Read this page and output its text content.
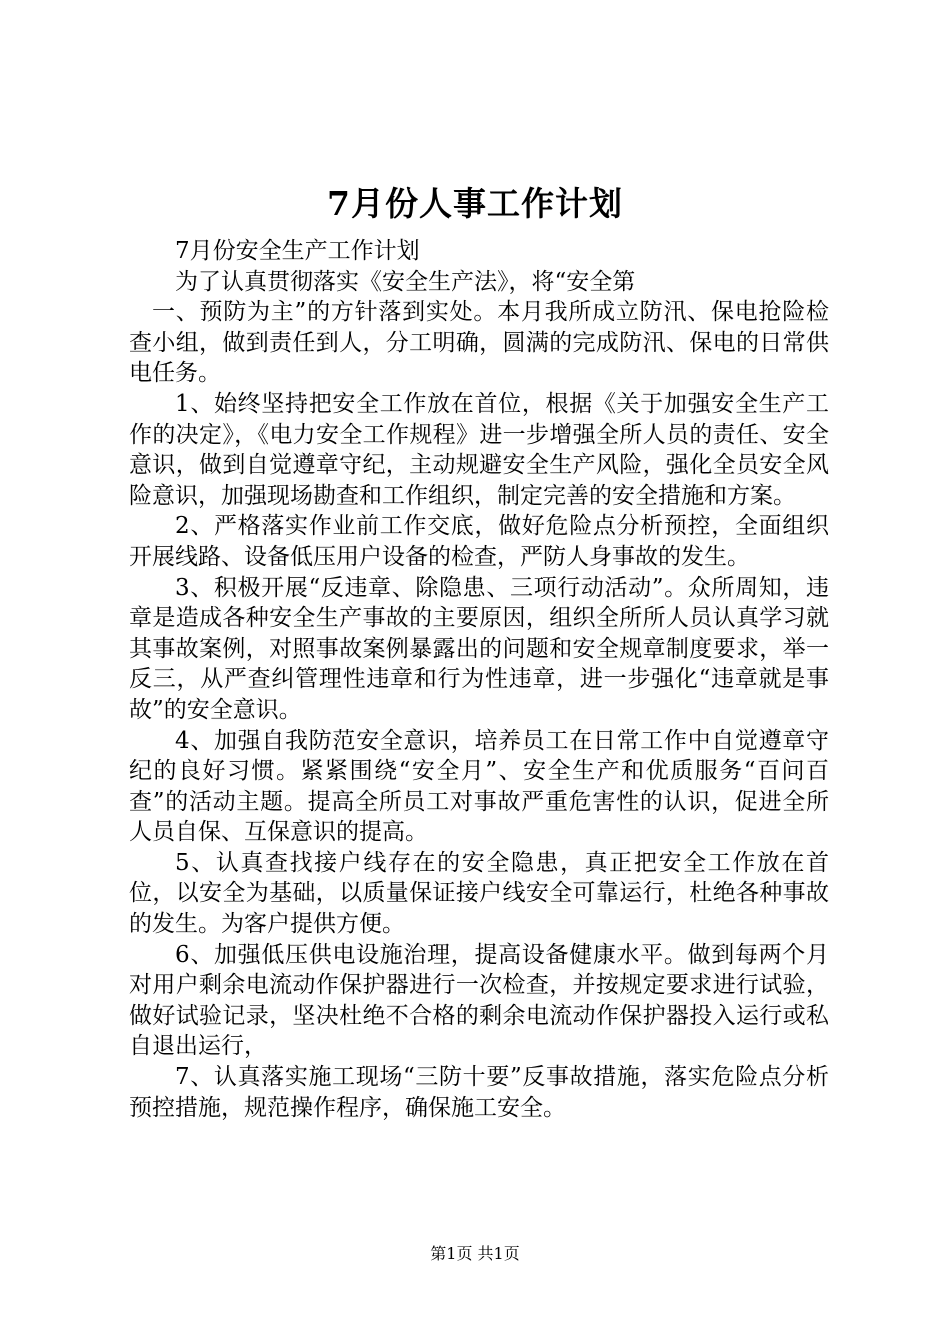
7月份人事工作计划

7月份安全生产工作计划

为了认真贯彻落实《安全生产法》，将“安全第

一、预防为主”的方针落到实处。本月我所成立防汛、保电抢险检查小组，做到责任到人，分工明确，圆满的完成防汛、保电的日常供电任务。

1、始终坚持把安全工作放在首位，根据《关于加强安全生产工作的决定》，《电力安全工作规程》进一步增强全所人员的责任、安全意识，做到自觉遵章守纪，主动规避安全生产风险，强化全员安全风险意识，加强现场勘查和工作组织，制定完善的安全措施和方案。

2、严格落实作业前工作交底，做好危险点分析预控，全面组织开展线路、设备低压用户设备的检查，严防人身事故的发生。

3、积极开展“反违章、除隐患、三项行动活动”。众所周知，违章是造成各种安全生产事故的主要原因，组织全所所人员认真学习就其事故案例，对照事故案例暴露出的问题和安全规章制度要求，举一反三，从严查纠管理性违章和行为性违章，进一步强化“违章就是事故”的安全意识。

4、加强自我防范安全意识，培养员工在日常工作中自觉遵章守纪的良好习惯。紧紧围绕“安全月”、安全生产和优质服务“百问百查”的活动主题。提高全所员工对事故严重危害性的认识，促进全所人员自保、互保意识的提高。

5、认真查找接户线存在的安全隐患，真正把安全工作放在首位，以安全为基础，以质量保证接户线安全可靠运行，杜绝各种事故的发生。为客户提供方便。

6、加强低压供电设施治理，提高设备健康水平。做到每两个月对用户剩余电流动作保护器进行一次检查，并按规定要求进行试验，做好试验记录，坚决杜绝不合格的剩余电流动作保护器投入运行或私自退出运行，

7、认真落实施工现场“三防十要”反事故措施，落实危险点分析预控措施，规范操作程序，确保施工安全。

第1页 共1页
